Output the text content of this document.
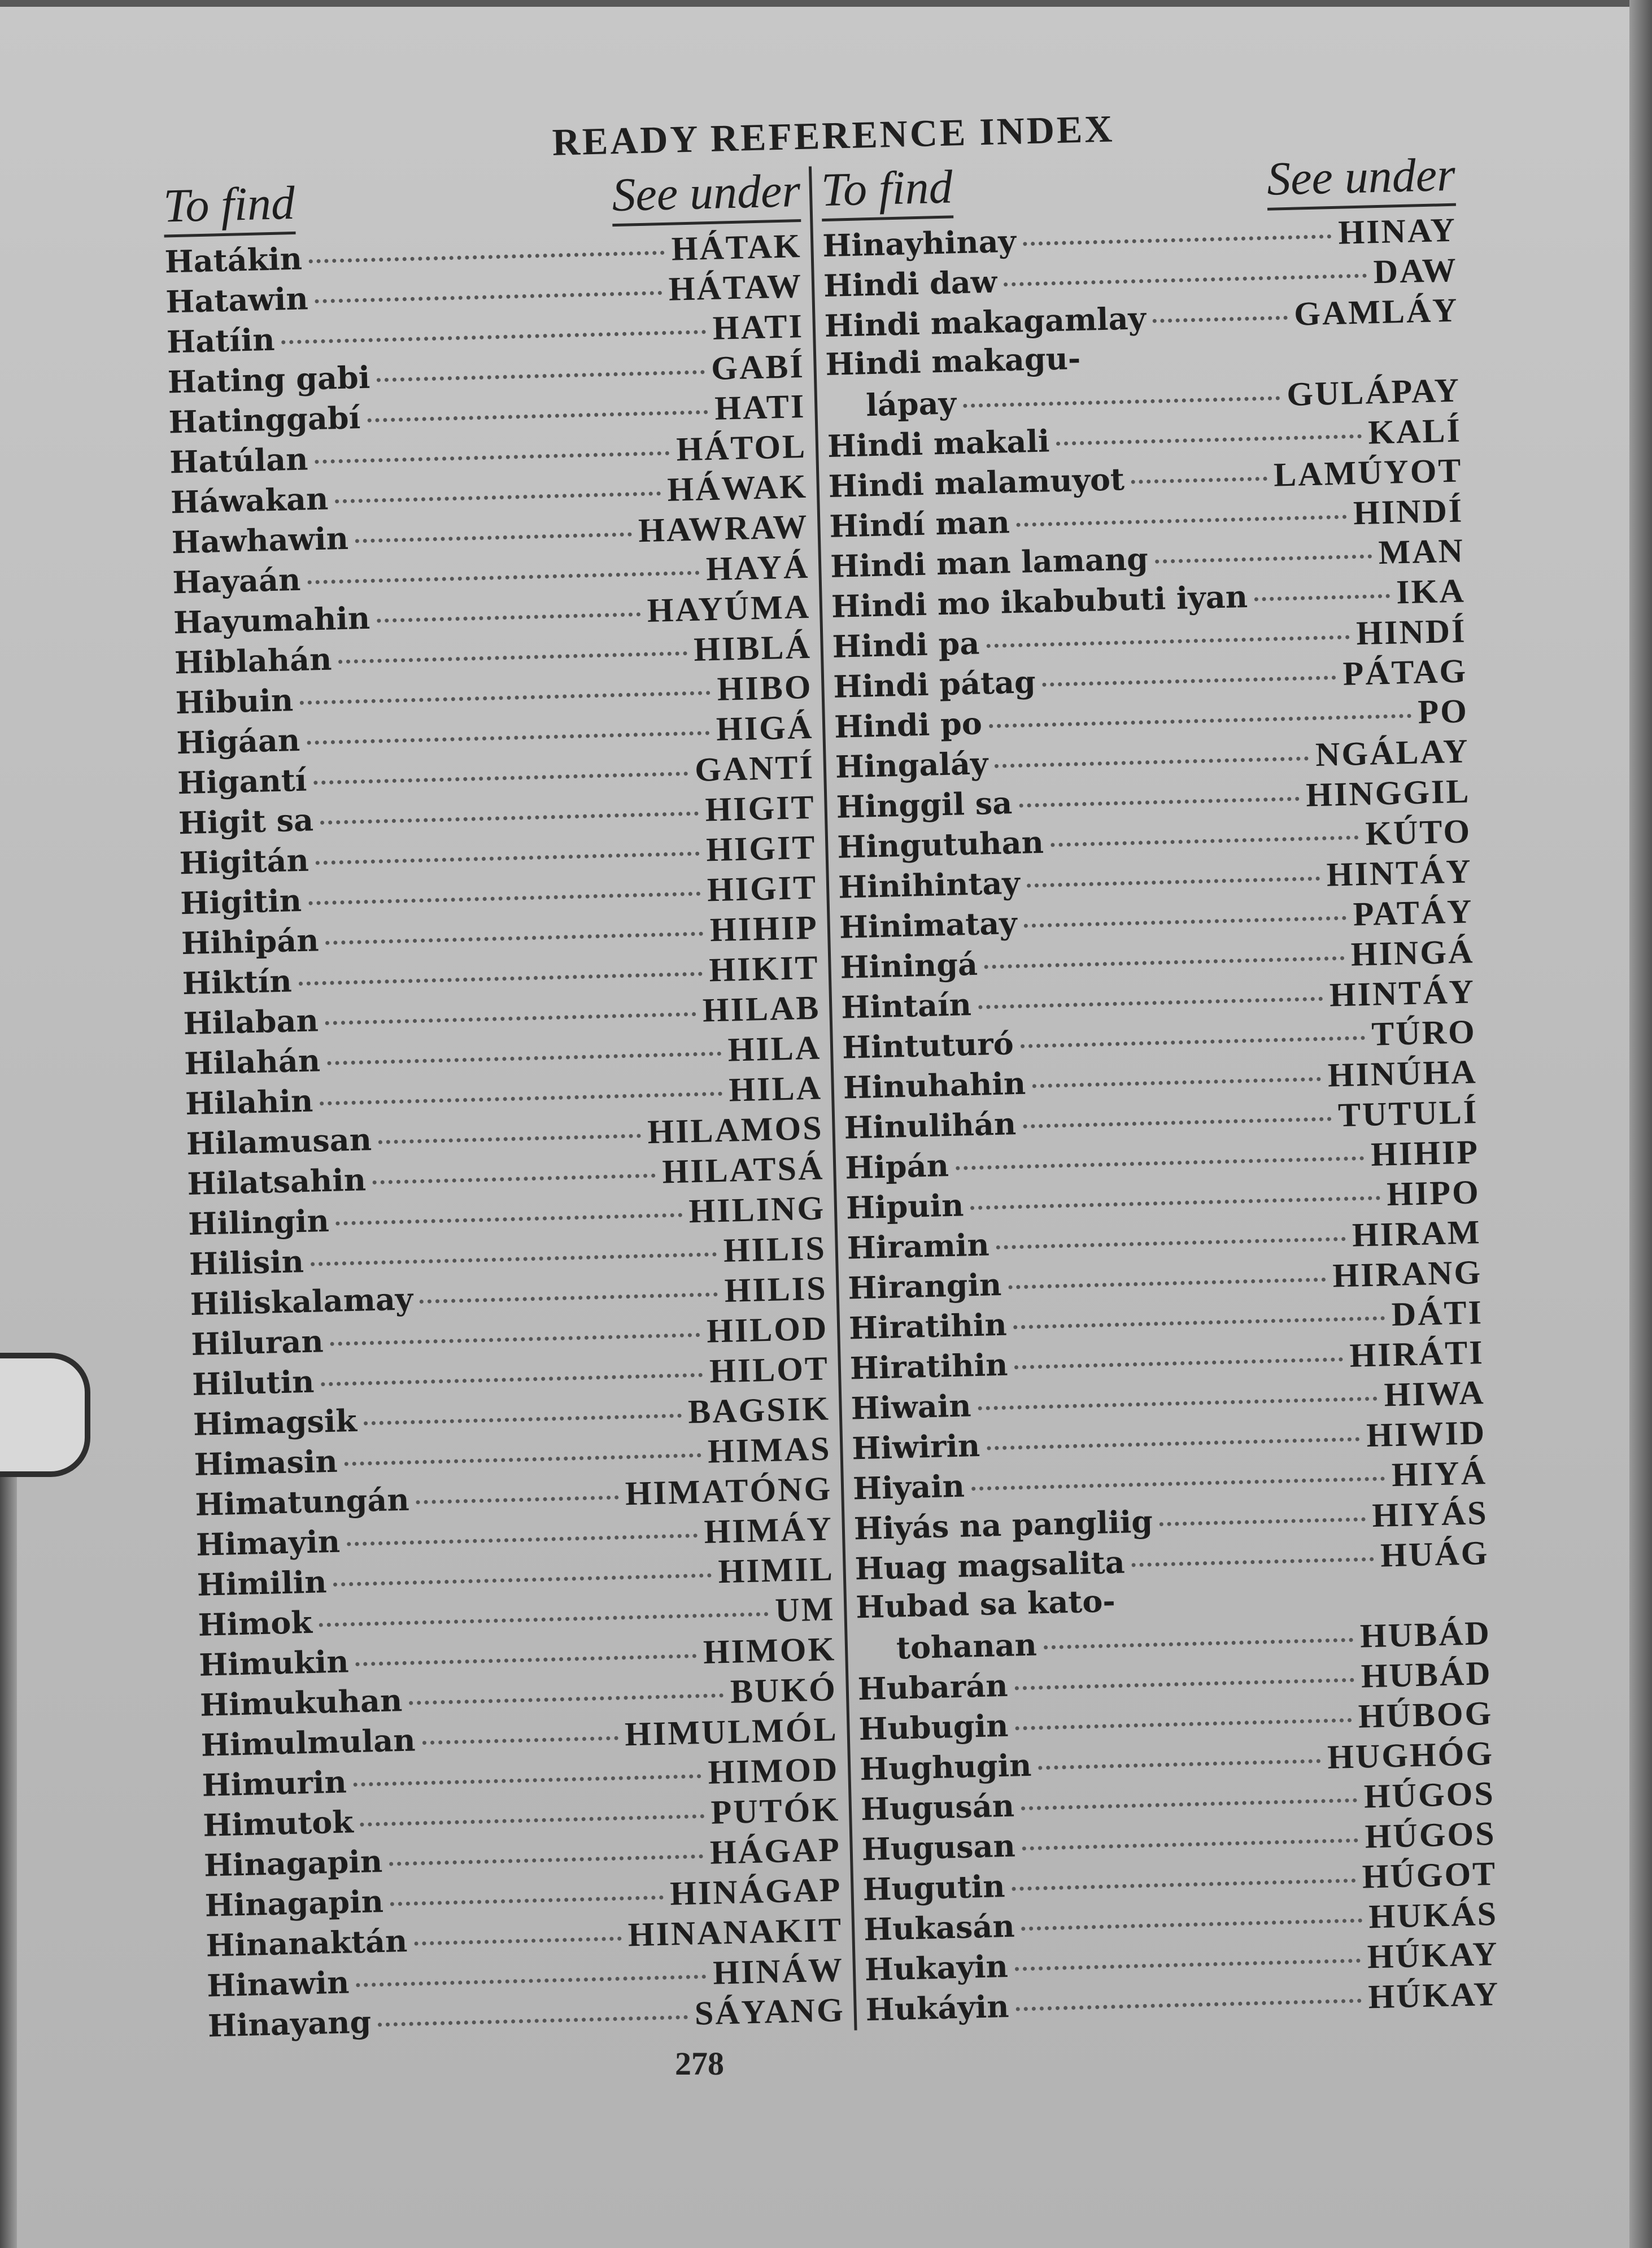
READY REFERENCE INDEX
To find	See under
Hatákin	HÁTAK
Hatawin	HÁTAW
Hatíin	HATI
Hating gabi	GABÍ
Hatinggabí	HATI
Hatúlan	HÁTOL
Háwakan	HÁWAK
Hawhawin	HAWRAW
Hayaán	HAYÁ
Hayumahin	HAYÚMA
Hiblahán	HIBLÁ
Hibuin	HIBO
Higáan	HIGÁ
Higantí	GANTÍ
Higit sa	HIGIT
Higitán	HIGIT
Higitin	HIGIT
Hihipán	HIHIP
Hiktín	HIKIT
Hilaban	HILAB
Hilahán	HILA
Hilahin	HILA
Hilamusan	HILAMOS
Hilatsahin	HILATSÁ
Hilingin	HILING
Hilisin	HILIS
Hiliskalamay	HILIS
Hiluran	HILOD
Hilutin	HILOT
Himagsik	BAGSIK
Himasin	HIMAS
Himatungán	HIMATÓNG
Himayin	HIMÁY
Himilin	HIMIL
Himok	UM
Himukin	HIMOK
Himukuhan	BUKÓ
Himulmulan	HIMULMÓL
Himurin	HIMOD
Himutok	PUTÓK
Hinagapin	HÁGAP
Hinagapin	HINÁGAP
Hinanaktán	HINANAKIT
Hinawin	HINÁW
Hinayang	SÁYANG
To find	See under
Hinayhinay	HINAY
Hindi daw	DAW
Hindi makagamlay	GAMLÁY
Hindi makagu-
lápay	GULÁPAY
Hindi makali	KALÍ
Hindi malamuyot	LAMÚYOT
Hindí man	HINDÍ
Hindi man lamang	MAN
Hindi mo ikabubuti iyan	IKA
Hindi pa	HINDÍ
Hindi pátag	PÁTAG
Hindi po	PO
Hingaláy	NGÁLAY
Hinggil sa	HINGGIL
Hingutuhan	KÚTO
Hinihintay	HINTÁY
Hinimatay	PATÁY
Hiningá	HINGÁ
Hintaín	HINTÁY
Hintuturó	TÚRO
Hinuhahin	HINÚHA
Hinulihán	TUTULÍ
Hipán	HIHIP
Hipuin	HIPO
Hiramin	HIRAM
Hirangin	HIRANG
Hiratihin	DÁTI
Hiratihin	HIRÁTI
Hiwain	HIWA
Hiwirin	HIWID
Hiyain	HIYÁ
Hiyás na pangliig	HIYÁS
Huag magsalita	HUÁG
Hubad sa kato-
tohanan	HUBÁD
Hubarán	HUBÁD
Hubugin	HÚBOG
Hughugin	HUGHÓG
Hugusán	HÚGOS
Hugusan	HÚGOS
Hugutin	HÚGOT
Hukasán	HUKÁS
Hukayin	HÚKAY
Hukáyin	HÚKAY
278
